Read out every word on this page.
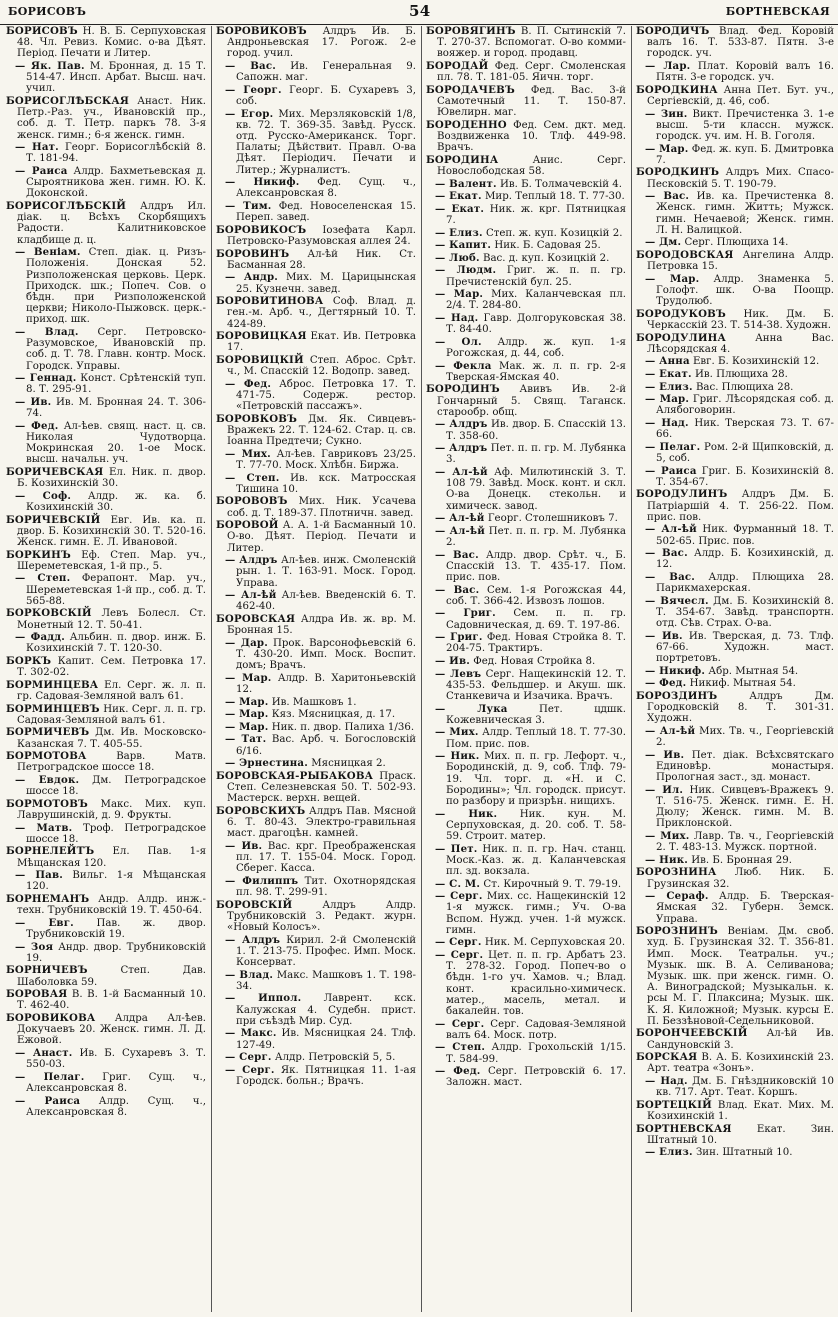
БОРИСОВЪ	54	БОРТНЕВСКАЯ

БОРИСОВЪ Н. В. Б. Серпуховская 48. Чл. Ревиз. Комис. о-ва Дѣят. Період. Печати и Литер.

— Як. Пав. М. Бронная, д. 15 Т. 514-47. Инсп. Арбат. Высш. нач. учил.

БОРИСОГЛѢБСКАЯ Анаст. Ник. Петр.-Раз. уч., Ивановскій пр., соб. д. Т. Петр. паркъ 78. 3-я женск. гимн.; 6-я женск. гимн.

— Нат. Георг. Борисоглѣбскій 8. Т. 181-94.

— Раиса Алдр. Бахметьевская д. Сыроятникова жен. гимн. Ю. К. Доконской.

БОРИСОГЛѢБСКІЙ Алдръ Ил. діак. ц. Всѣхъ Скорбящихъ Радости. Калитниковское кладбище д. ц.

— Веніам. Степ. діак. ц. Ризъ-Положенія. Донская 52. Ризположенская церковь. Церк. Приходск. шк.; Попеч. Сов. о бѣдн. при Ризположенской церкви; Николо-Пыжовск. церк.-приход. шк.

— Влад. Серг. Петровско-Разумовское, Ивановскій пр. соб. д. Т. 78. Главн. контр. Моск. Городск. Управы.

— Геннад. Конст. Срѣтенскій туп. 8. Т. 295-91.

— Ив. Ив. М. Бронная 24. Т. 306-74.

— Фед. Ал-ѣев. свящ. наст. ц. св. Николая Чудотворца. Мокринская 20. 1-ое Моск. высш. начальн. уч.

БОРИЧЕВСКАЯ Ел. Ник. п. двор. Б. Козихинскій 30.

— Соф. Алдр. ж. ка. б. Козихинскій 30.

БОРИЧЕВСКІЙ Евг. Ив. ка. п. двор. Б. Козихинскій 30. Т. 520-16. Женск. гимн. Е. Л. Ивановой.

БОРКИНЪ Еф. Степ. Мар. уч., Шереметевская, 1-й пр., 5.

— Степ. Ферапонт. Мар. уч., Шереметевская 1-й пр., соб. д. Т. 565-88.

БОРКОВСКІЙ Левъ Болесл. Ст. Монетный 12. Т. 50-41.

— Фадд. Альбин. п. двор. инж. Б. Козихинскій 7. Т. 120-30.

БОРКЪ Капит. Сем. Петровка 17. Т. 302-02.

БОРМИНЦЕВА Ел. Серг. ж. л. п. гр. Садовая-Земляной валъ 61.

БОРМИНЦЕВЪ Ник. Серг. л. п. гр. Садовая-Земляной валъ 61.

БОРМИЧЕВЪ Дм. Ив. Московско-Казанская 7. Т. 405-55.

БОРМОТОВА	Варв. Матв. Петроградское шоссе 18.

— Евдок. Дм. Петроградское шоссе 18.

БОРМОТОВЪ Макс. Мих. куп. Лаврушинскій, д. 9. Фрукты.

— Матв. Троф. Петроградское шоссе 18.

БОРНЕЛЕЙТЪ Ел. Пав. 1-я Мѣщанская 120.

— Пав. Вильг. 1-я Мѣщанская 120.

БОРНЕМАНЪ Андр. Алдр. инж.-техн. Трубниковскій 19. Т. 450-64.

— Евг. Пав. ж. двор. Трубниковскій 19.

— Зоя Андр. двор. Трубниковскій 19.

БОРНИЧЕВЪ	Степ. Дав. Шаболовка 59.

БОРОВАЯ В. В. 1-й Басманный 10. Т. 462-40.

БОРОВИКОВА Алдра Ал-ѣев. Докучаевъ 20. Женск. гимн. Л. Д. Ежовой.

— Анаст. Ив. Б. Сухаревъ 3. Т. 550-03.

— Пелаг. Григ. Сущ. ч., Алексанровская 8.

— Раиса Алдр. Сущ. ч., Алексанровская 8.

БОРОВИКОВЪ Алдръ Ив. Б. Андроньевская 17. Рогож. 2-е город. учил.

— Вас. Ив. Генеральная 9. Сапожн. маг.

— Георг. Георг. Б. Сухаревъ 3, соб.

— Егор. Мих. Мерзляковскій 1/8, кв. 72. Т. 369-35. Завѣд. Русск. отд. Русско-Американск. Торг. Палаты; Дѣйствит. Правл. О-ва Дѣят. Періодич. Печати и Литер.; Журналистъ.

— Никиф. Фед. Сущ. ч., Алексанровская 8.

— Тим. Фед. Новоселенская 15. Переп. завед.

БОРОВИКОСЪ Іозефата Карл. Петровско-Разумовская аллея 24.

БОРОВИНЪ Ал-ѣй Ник. Ст. Басманная 28.

— Андр. Мих. М. Царицынская 25. Кузнечн. завед.

БОРОВИТИНОВА Соф. Влад. д. ген.-м. Арб. ч., Дегтярный 10. Т. 424-89.

БОРОВИЦКАЯ Екат. Ив. Петровка 17.

БОРОВИЦКІЙ Степ. Аброс. Срѣт. ч., М. Спасскій 12. Водопр. завед.

— Фед. Аброс. Петровка 17. Т. 471-75. Содерж. рестор. «Петровскій пассажъ».

БОРОВКОВЪ Дм. Як. Сивцевъ-Вражекъ 22. Т. 124-62. Стар. ц. св. Іоанна Предтечи; Сукно.

— Мих. Ал-ѣев. Гавриковъ 23/25. Т. 77-70. Моск. Хлѣбн. Биржа.

— Степ. Ив. кск. Матросская Тишина 10.

БОРОВОВЪ Мих. Ник. Усачева соб. д. Т. 189-37. Плотничн. завед.

БОРОВОЙ А. А. 1-й Басманный 10. О-во. Дѣят. Період. Печати и Литер.

— Алдръ Ал-ѣев. инж. Смоленскій рын. 1. Т. 163-91. Моск. Город. Управа.

— Ал-ѣй Ал-ѣев. Введенскій 6. Т. 462-40.

БОРОВСКАЯ Алдра Ив. ж. вр. М. Бронная 15.

— Дар. Прок. Варсонофьевскій 6. Т. 430-20. Имп. Моск. Воспит. домъ; Врачъ.

— Мар. Алдр. В. Харитоньевскій 12.

— Мар. Ив. Машковъ 1.

— Мар. Кяз. Мясницкая, д. 17.

— Мар. Ник. п. двор. Палиха 1/36.

— Тат. Вас. Арб. ч. Богословскій 6/16.

— Эрнестина. Мясницкая 2.

БОРОВСКАЯ-РЫБАКОВА Праск. Степ. Селезневская 50. Т. 502-93. Мастерск. верхн. вещей.

БОРОВСКИХЪ Алдръ Пав. Мясной 6. Т. 80-43. Электро-гравильная маст. драгоцѣн. камней.

— Ив. Вас. крг. Преображенская пл. 17. Т. 155-04. Моск. Город. Сберег. Касса.

— Филиппъ Тит. Охотнорядская пл. 98. Т. 299-91.

БОРОВСКІЙ	Алдръ Алдр. Трубниковскій 3. Редакт. журн. «Новый Колосъ».

— Алдръ Кирил. 2-й Смоленскій 1. Т. 213-75. Профес. Имп. Моск. Консерват.

— Влад. Макс. Машковъ 1. Т. 198-34.

— Иппол. Лаврент. кск. Калужская 4. Судебн. прист. при съѣздѣ Мир. Суд.

— Макс. Ив. Мясницкая 24. Тлф. 127-49.

— Серг. Алдр. Петровскій 5, 5.

— Серг. Як. Пятницкая 11. 1-ая Городск. больн.; Врачъ.

БОРОВЯГИНЪ В. П. Сытинскій 7. Т. 270-37. Вспомогат. О-во комми-вояжер. и город. продавц.

БОРОДАЙ Фед. Серг. Смоленская пл. 78. Т. 181-05. Яичн. торг.

БОРОДАЧЕВЪ Фед. Вас. 3-й Самотечный 11. Т. 150-87. Ювелирн. маг.

БОРОДЕННО Фед. Сем. дкт. мед. Воздвиженка 10. Тлф. 449-98. Врачъ.

БОРОДИНА	Анис. Серг. Новослободская 58.

— Валент. Ив. Б. Толмачевскій 4.

— Екат. Мир. Теплый 18. Т. 77-30.

— Екат. Ник. ж. крг. Пятницкая 7.

— Елиз. Степ. ж. куп. Козицкій 2.

— Капит. Ник. Б. Садовая 25.

— Люб. Вас. д. куп. Козицкій 2.

— Людм. Григ. ж. п. п. гр. Пречистенскій бул. 25.

— Мар. Мих. Каланчевская пл. 2/4. Т. 284-80.

— Над. Гавр. Долгоруковская 38. Т. 84-40.

— Ол. Алдр. ж. куп. 1-я Рогожская, д. 44, соб.

— Фекла Мак. ж. л. п. гр. 2-я Тверская-Ямская 40.

БОРОДИНЪ Авивъ Ив. 2-й Гончарный 5. Свящ. Таганск. старообр. общ.

— Алдръ Ив. двор. Б. Спасскій 13. Т. 358-60.

— Алдръ Пет. п. п. гр. М. Лубянка 3.

— Ал-ѣй Аф. Милютинскій 3. Т. 108 79. Завѣд. Моск. конт. и скл. О-ва Донецк. стекольн. и химическ. завод.

— Ал-ѣй Георг. Столешниковъ 7.

— Ал-ѣй Пет. п. п. гр. М. Лубянка 2.

— Вас. Алдр. двор. Срѣт. ч., Б. Спасскій 13. Т. 435-17. Пом. прис. пов.

— Вас. Сем. 1-я Рогожская 44, соб. Т. 366-42. Извозъ лошов.

— Григ. Сем. п. п. гр. Садовническая, д. 69. Т. 197-86.

— Григ. Фед. Новая Стройка 8. Т. 204-75. Трактиръ.

— Ив. Фед. Новая Стройка 8.

— Левъ Серг. Нащекинскій 12. Т. 435-53. Фельдшер. и Акуш. шк. Станкевича и Изачика. Врачъ.

— Лука	Пет. цдшк. Кожевническая 3.

— Мих. Алдр. Теплый 18. Т. 77-30. Пом. прис. пов.

— Ник. Мих. п. п. гр. Лефорт. ч., Бородинскій, д. 9, соб. Тлф. 79-19. Чл. торг. д. «Н. и С. Бородины»; Чл. городск. присут. по разбору и призрѣн. нищихъ.

— Ник. Ник. кун. М. Серпуховская, д. 20. соб. Т. 58-59. Строит. матер.

— Пет. Ник. п. п. гр. Нач. станц. Моск.-Каз. ж. д. Каланчевская пл. зд. вокзала.

— С. М. Ст. Кирочный 9. Т. 79-19.

— Серг. Мих. сс. Нащекинскій 12 1-я мужск. гимн.; Уч. О-ва Вспом. Нужд. учен. 1-й мужск. гимн.

— Серг. Ник. М. Серпуховская 20.

— Серг. Цет. п. п. гр. Арбатъ 23. Т. 278-32. Город. Попеч-во о бѣдн. 1-го уч. Хамов. ч.; Влад. конт. красильно-химическ. матер., масель, метал. и бакалейн. тов.

— Серг. Серг. Садовая-Земляной валъ 64. Моск. потр.

— Степ. Алдр. Грохольскій 1/15. Т. 584-99.

— Фед. Серг. Петровскій 6. 17. Заложн. маст.

БОРОДИЧЪ Влад. Фед. Коровій валъ 16. Т. 533-87. Пятн. 3-е городск. уч.

— Лар. Плат. Коровій валъ 16. Пятн. 3-е городск. уч.

БОРОДКИНА Анна Пет. Бут. уч., Сергіевскій, д. 46, соб.

— Зин. Викт. Пречистенка 3. 1-е высш. 5-ти классн. мужск. городск. уч. им. Н. В. Гоголя.

— Мар. Фед. ж. куп. Б. Дмитровка 7.

БОРОДКИНЪ Алдръ Мих. Спасо-Песковскій 5. Т. 190-79.

— Вас. Ив. ка. Пречистенка 8. Женск. гимн. Житть; Мужск. гимн. Нечаевой; Женск. гимн. Л. Н. Валицкой.

— Дм. Серг. Плющиха 14.

БОРОДОВСКАЯ Ангелина Алдр. Петровка 15.

— Мар. Алдр. Знаменка 5. Голофт. шк. О-ва Поощр. Трудолюб.

БОРОДУКОВЪ Ник. Дм. Б. Черкасскій 23. Т. 514-38. Художн.

БОРОДУЛИНА	Анна Вас. Лѣсорядская 4.

— Анна Евг. Б. Козихинскій 12.

— Екат. Ив. Плющиха 28.

— Елиз. Вас. Плющиха 28.

— Мар. Григ. Лѣсорядская соб. д. Алябоговорин.

— Над. Ник. Тверская 73. Т. 67-66.

— Пелаг. Ром. 2-й Щипковскій, д. 5, соб.

— Раиса Григ. Б. Козихинскій 8. Т. 354-67.

БОРОДУЛИНЪ Алдръ Дм. Б. Патріаршій 4. Т. 256-22. Пом. прис. пов.

— Ал-ѣй Ник. Фурманный 18. Т. 502-65. Прис. пов.

— Вас. Алдр. Б. Козихинскій, д. 12.

— Вас. Алдр. Плющиха 28. Парикмахерская.

— Вячесл. Дм. Б. Козихинскій 8. Т. 354-67. Завѣд. транспортн. отд. Сѣв. Страх. О-ва.

— Ив. Ив. Тверская, д. 73. Тлф. 67-66. Художн. маст. портретовъ.

— Никиф. Абр. Мытная 54.

— Фед. Никиф. Мытная 54.

БОРОЗДИНЪ	Алдръ Дм. Городковскій 8. Т. 301-31. Художн.

— Ал-ѣй Мих. Тв. ч., Георгіевскій 2.

— Ив. Пет. діак. Всѣхсвятскаго Единовѣр. монастыря. Прологная заст., зд. монаст.

— Ил. Ник. Сивцевъ-Вражекъ 9. Т. 516-75. Женск. гимн. Е. Н. Дюлу; Женск. гимн. М. В. Приклонской.

— Мих. Лавр. Тв. ч., Георгіевскій 2. Т. 483-13. Мужск. портной.

— Ник. Ив. Б. Бронная 29.

БОРОЗНИНА Люб. Ник. Б. Грузинская 32.

— Сераф. Алдр. Б. Тверская-Ямская 32. Губерн. Земск. Управа.

БОРОЗНИНЪ Веніам. Дм. своб. худ. Б. Грузинская 32. Т. 356-81. Имп. Моск. Театральн. уч.; Музык. шк. В. А. Селиванова; Музык. шк. при женск. гимн. О. А. Виноградской; Музыкальн. к. рсы М. Г. Плаксина; Музык. шк. К. Я. Киложной; Музык. курсы Е. П. Беззѣновой-Седельниковой.

БОРОНЧЕЕВСКІЙ Ал-ѣй Ив. Сандуновскій 3.

БОРСКАЯ В. А. Б. Козихинскій 23. Арт. театра «Зонъ».

— Над. Дм. Б. Гнѣздниковскій 10 кв. 717. Арт. Теат. Коршъ.

БОРТЕЦКІЙ Влад. Екат. Мих. М. Козихинскій 1.

БОРТНЕВСКАЯ Екат. Зин. Штатный 10.

— Елиз. Зин. Штатный 10.
